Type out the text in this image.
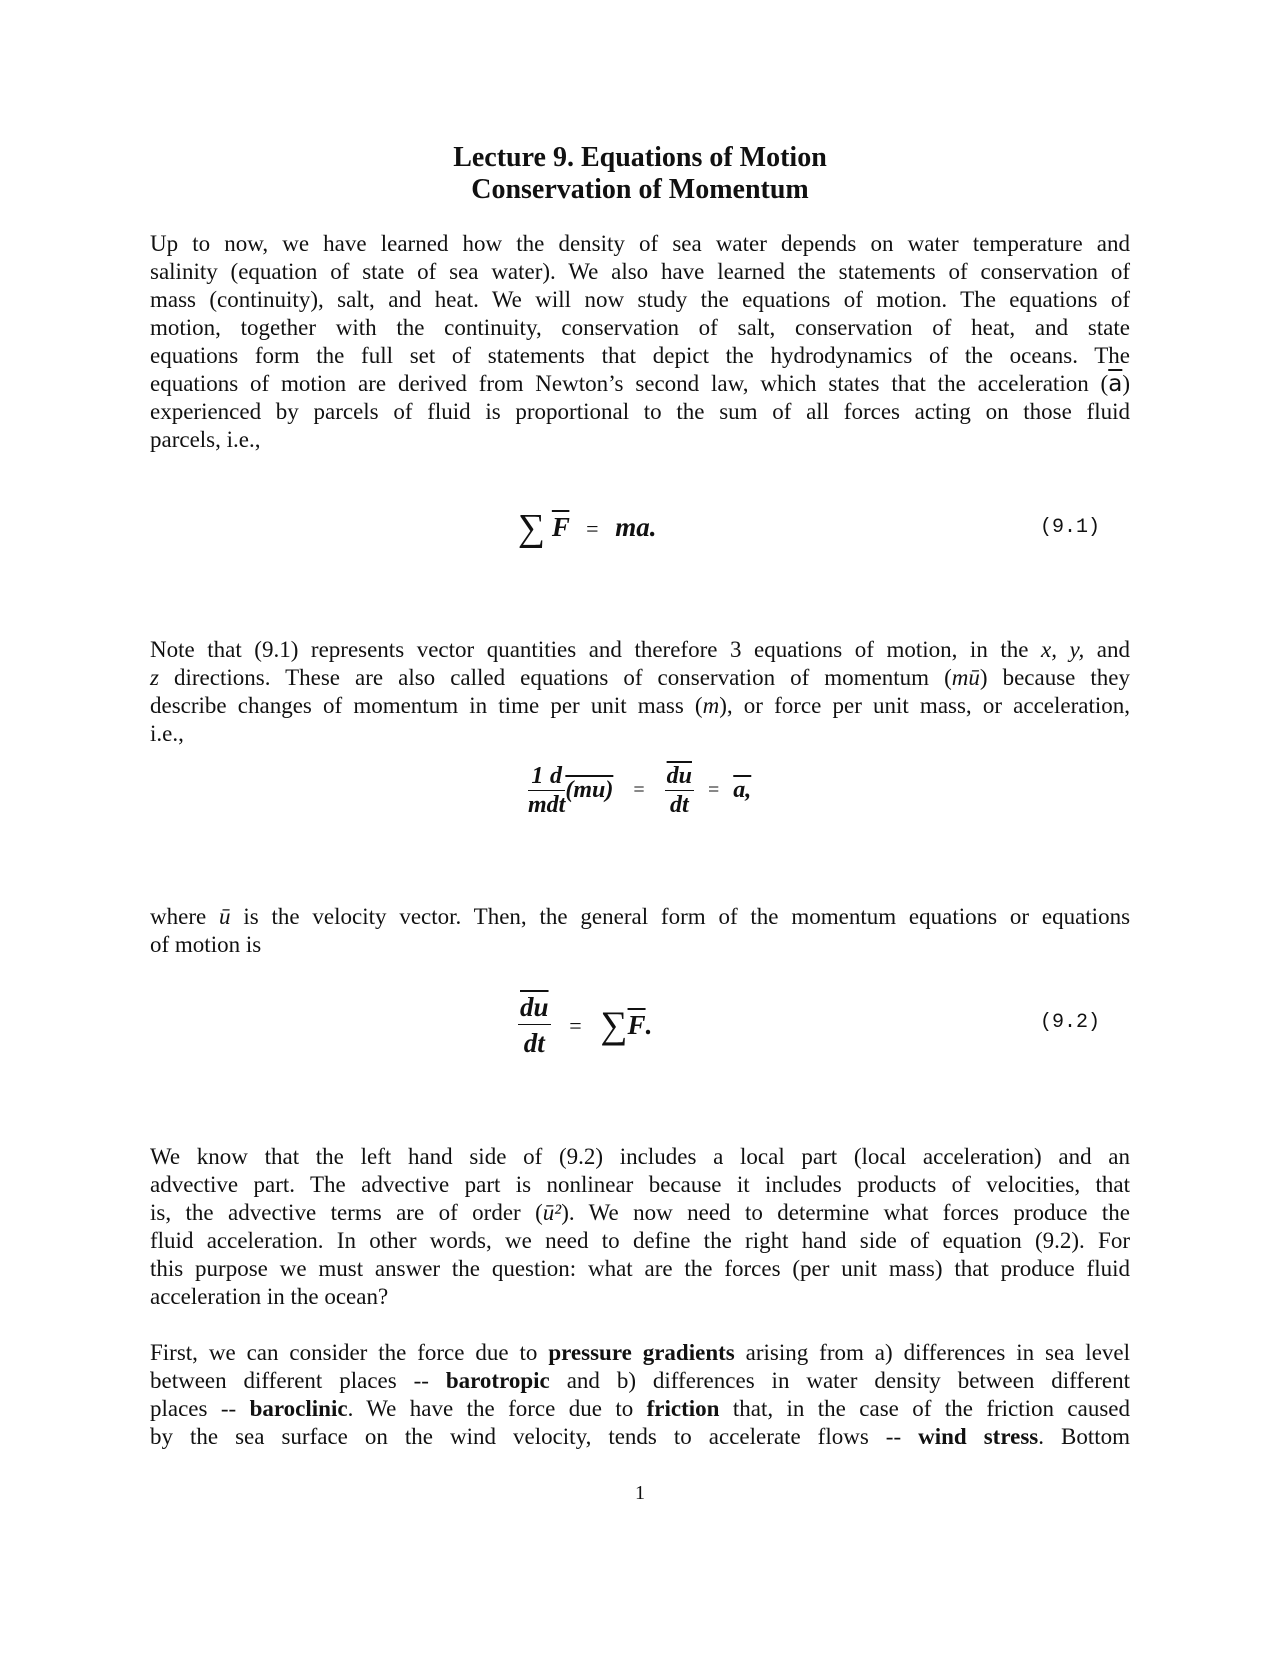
Lecture 9. Equations of Motion
Conservation of Momentum
Up to now, we have learned how the density of sea water depends on water temperature and
salinity (equation of state of sea water). We also have learned the statements of conservation of
mass (continuity), salt, and heat. We will now study the equations of motion. The equations of
motion, together with the continuity, conservation of salt, conservation of heat, and state
equations form the full set of statements that depict the hydrodynamics of the oceans. The
equations of motion are derived from Newton’s second law, which states that the acceleration $(\overline{a})$
experienced by parcels of fluid is proportional to the sum of all forces acting on those fluid
parcels, i.e.,
∑ $\overline{F}$ = ma.	(9.1)
Note that (9.1) represents vector quantities and therefore 3 equations of motion, in the x, y, and
z directions. These are also called equations of conservation of momentum (mū) because they
describe changes of momentum in time per unit mass (m), or force per unit mass, or acceleration,
i.e.,
$\frac{1}{m} \frac{d}{dt} (mu) = \frac{\overline{du}}{dt} = a$,
where ū is the velocity vector. Then, the general form of the momentum equations or equations
of motion is
$\frac{\overline{du}}{dt} = \sum\overline{F}$.	(9.2)
We know that the left hand side of (9.2) includes a local part (local acceleration) and an
advective part. The advective part is nonlinear because it includes products of velocities, that
is, the advective terms are of order (ū²). We now need to determine what forces produce the
fluid acceleration. In other words, we need to define the right hand side of equation (9.2). For
this purpose we must answer the question: what are the forces (per unit mass) that produce fluid
acceleration in the ocean?
First, we can consider the force due to pressure gradients arising from a) differences in sea level
between different places -- barotropic and b) differences in water density between different
places -- baroclinic. We have the force due to friction that, in the case of the friction caused
by the sea surface on the wind velocity, tends to accelerate flows -- wind stress. Bottom
1
